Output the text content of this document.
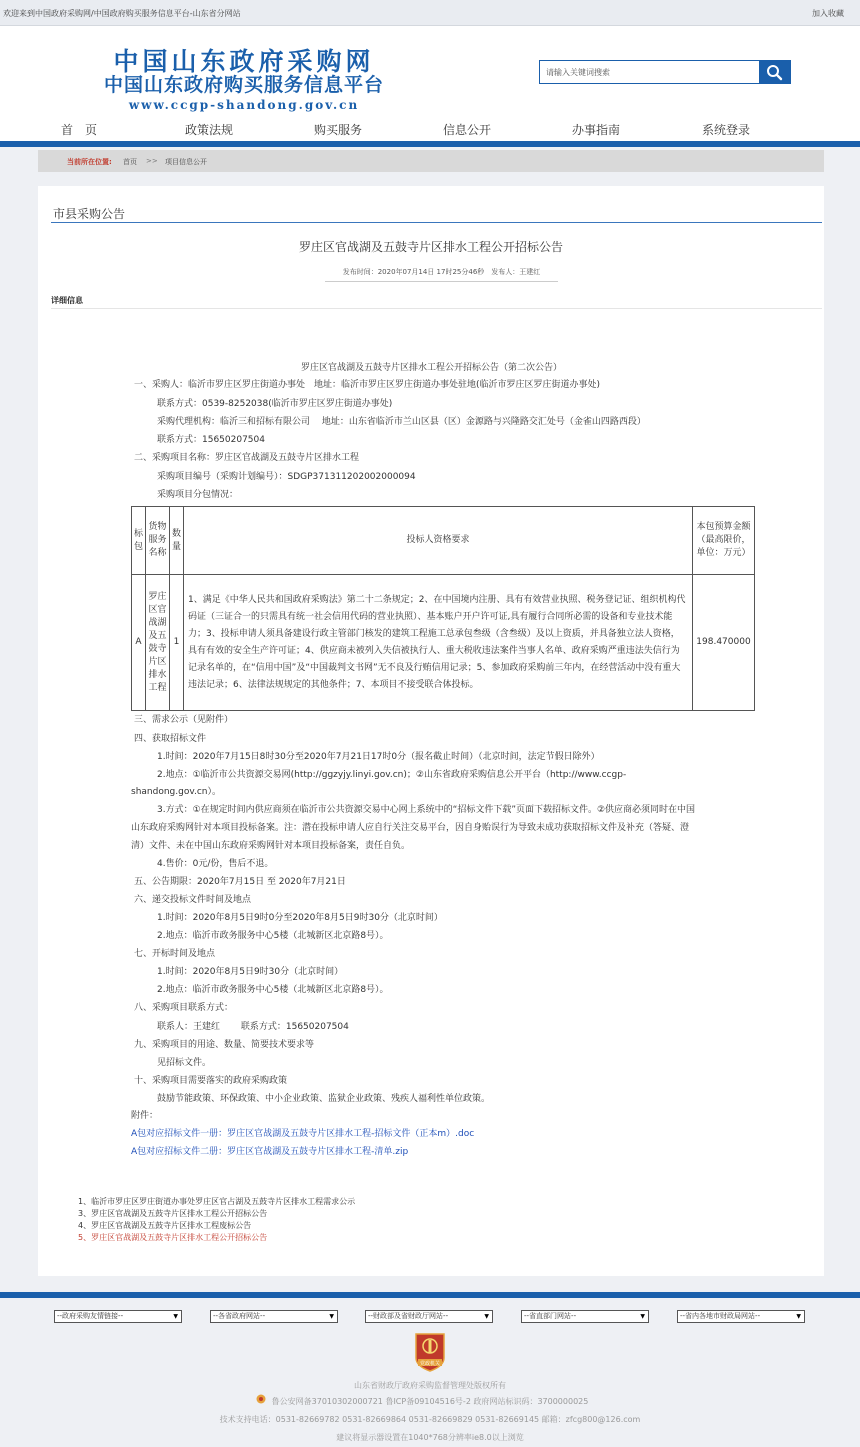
欢迎来到中国政府采购网/中国政府购买服务信息平台-山东省分网站	加入收藏
中国山东政府采购网
中国山东政府购买服务信息平台
www.ccgp-shandong.gov.cn
请输入关键词搜索
首　页	政策法规	购买服务	信息公开	办事指南	系统登录
当前所在位置: 首页 >> 项目信息公开
市县采购公告
罗庄区官战湖及五鼓寺片区排水工程公开招标公告
发布时间：2020年07月14日 17时25分46秒　发布人：王建红
详细信息
罗庄区官战湖及五鼓寺片区排水工程公开招标公告（第二次公告）
一、采购人：临沂市罗庄区罗庄街道办事处　地址：临沂市罗庄区罗庄街道办事处驻地(临沂市罗庄区罗庄街道办事处)
联系方式：0539-8252038(临沂市罗庄区罗庄街道办事处)
采购代理机构：临沂三和招标有限公司　 地址：山东省临沂市兰山区县（区）金源路与兴隆路交汇处号（金雀山四路西段）
联系方式：15650207504
二、采购项目名称：罗庄区官战湖及五鼓寺片区排水工程
采购项目编号（采购计划编号）：SDGP371311202002000094
采购项目分包情况：
标包	货物服务名称	数量	投标人资格要求	本包预算金额（最高限价，单位：万元）
A	罗庄区官战湖及五鼓寺片区排水工程	1	1、满足《中华人民共和国政府采购法》第二十二条规定；2、在中国境内注册、具有有效营业执照、税务登记证、组织机构代码证（三证合一的只需具有统一社会信用代码的营业执照）、基本账户开户许可证,具有履行合同所必需的设备和专业技术能力；3、投标申请人须具备建设行政主管部门核发的建筑工程施工总承包叁级（含叁级）及以上资质，并具备独立法人资格，具有有效的安全生产许可证；4、供应商未被列入失信被执行人、重大税收违法案件当事人名单、政府采购严重违法失信行为记录名单的，在“信用中国”及“中国裁判文书网”无不良及行贿信用记录；5、参加政府采购前三年内，在经营活动中没有重大违法记录；6、法律法规规定的其他条件；7、本项目不接受联合体投标。	198.470000
三、需求公示（见附件）
四、获取招标文件
1.时间：2020年7月15日8时30分至2020年7月21日17时0分（报名截止时间）（北京时间，法定节假日除外）
2.地点：①临沂市公共资源交易网(http://ggzyjy.linyi.gov.cn)；②山东省政府采购信息公开平台（http://www.ccgp-
shandong.gov.cn）。
3.方式：①在规定时间内供应商须在临沂市公共资源交易中心网上系统中的“招标文件下载”页面下载招标文件。②供应商必须同时在中国
山东政府采购网针对本项目投标备案。注：潜在投标申请人应自行关注交易平台，因自身贻误行为导致未成功获取招标文件及补充（答疑、澄
清）文件、未在中国山东政府采购网针对本项目投标备案，责任自负。
4.售价：0元/份，售后不退。
五、公告期限：2020年7月15日 至 2020年7月21日
六、递交投标文件时间及地点
1.时间：2020年8月5日9时0分至2020年8月5日9时30分（北京时间）
2.地点：临沂市政务服务中心5楼（北城新区北京路8号）。
七、开标时间及地点
1.时间：2020年8月5日9时30分（北京时间）
2.地点：临沂市政务服务中心5楼（北城新区北京路8号）。
八、采购项目联系方式：
联系人：王建红　　 联系方式：15650207504
九、采购项目的用途、数量、简要技术要求等
见招标文件。
十、采购项目需要落实的政府采购政策
鼓励节能政策、环保政策、中小企业政策、监狱企业政策、残疾人福利性单位政策。
附件：
A包对应招标文件一册：罗庄区官战湖及五鼓寺片区排水工程-招标文件（正本m）.doc
A包对应招标文件二册：罗庄区官战湖及五鼓寺片区排水工程-清单.zip
1、临沂市罗庄区罗庄街道办事处罗庄区官占湖及五鼓寺片区排水工程需求公示
3、罗庄区官战湖及五鼓寺片区排水工程公开招标公告
4、罗庄区官战湖及五鼓寺片区排水工程废标公告
5、罗庄区官战湖及五鼓寺片区排水工程公开招标公告
--政府采购友情链接--	▼	--各省政府网站--	▼	--财政部及省财政厅网站--	▼	--省直部门网站--	▼	--省内各地市财政局网站--	▼
党政机关
山东省财政厅政府采购监督管理处版权所有
鲁公安网备37010302000721 鲁ICP备09104516号-2 政府网站标识码：3700000025
技术支持电话：0531-82669782 0531-82669864 0531-82669829 0531-82669145 邮箱：zfcg800@126.com
建议将显示器设置在1040*768分辨率ie8.0以上浏览
